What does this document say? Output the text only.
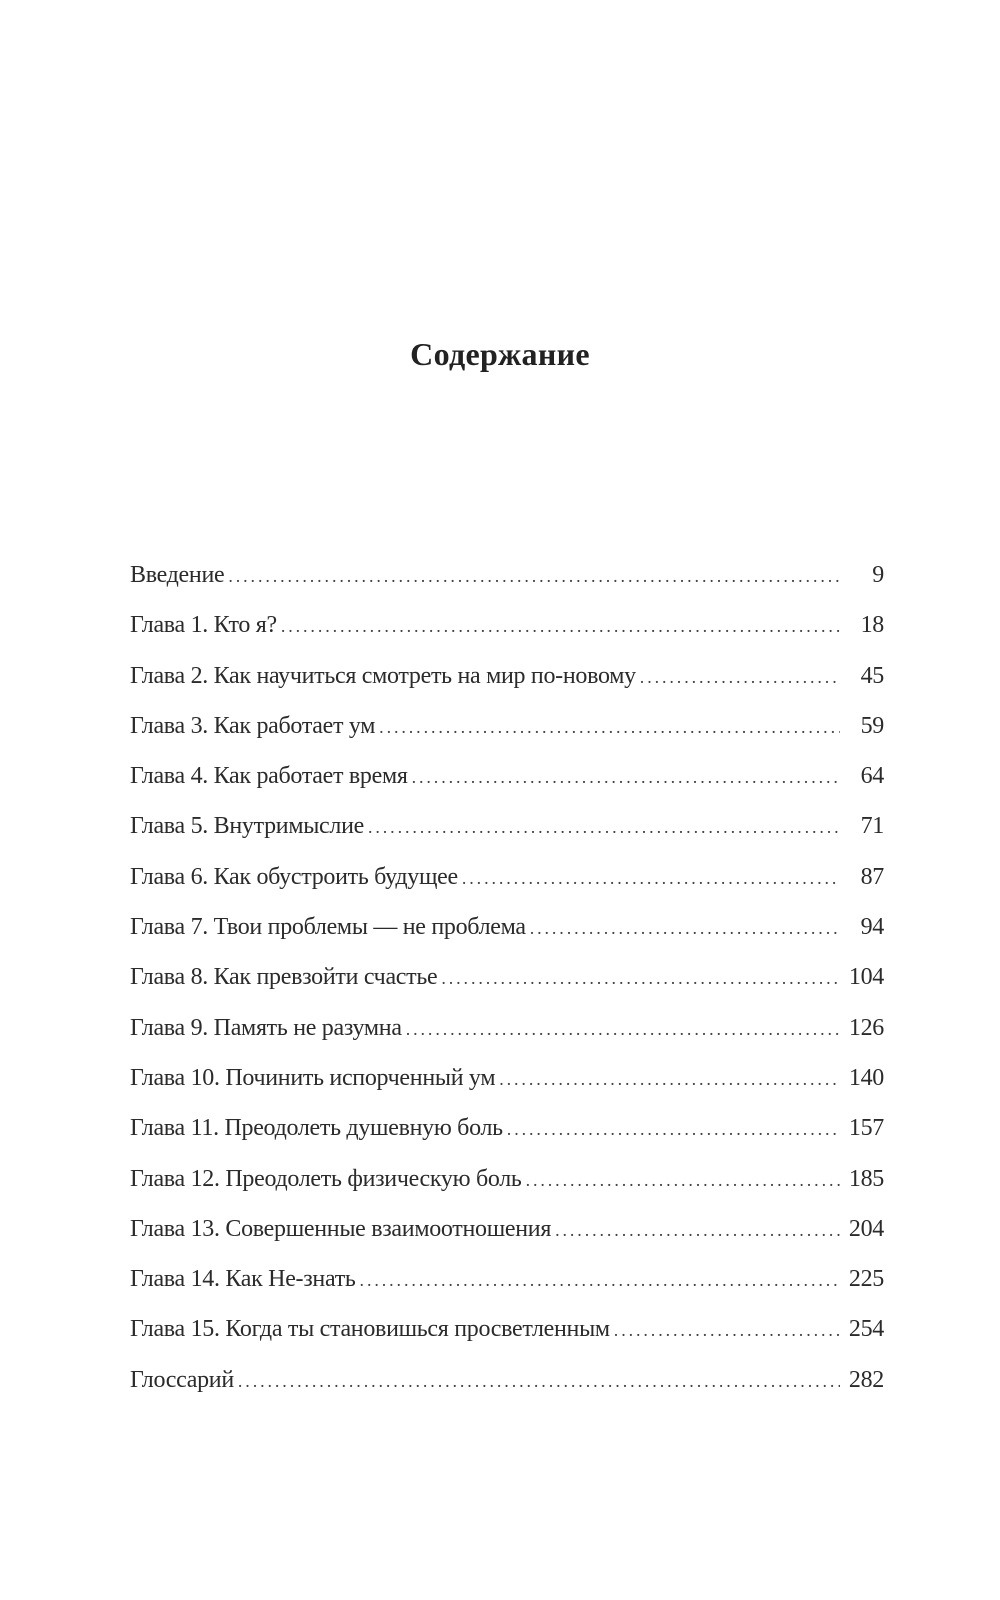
Содержание
Введение . . .	9
Глава 1. Кто я? . . .	18
Глава 2. Как научиться смотреть на мир по-новому . . .	45
Глава 3. Как работает ум . . .	59
Глава 4. Как работает время . . .	64
Глава 5. Внутримыслие . . .	71
Глава 6. Как обустроить будущее . . .	87
Глава 7. Твои проблемы — не проблема . . .	94
Глава 8. Как превзойти счастье . . .	104
Глава 9. Память не разумна . . .	126
Глава 10. Починить испорченный ум . . .	140
Глава 11. Преодолеть душевную боль . . .	157
Глава 12. Преодолеть физическую боль . . .	185
Глава 13. Совершенные взаимоотношения . . .	204
Глава 14. Как Не-знать . . .	225
Глава 15. Когда ты становишься просветленным . . .	254
Глоссарий . . .	282
